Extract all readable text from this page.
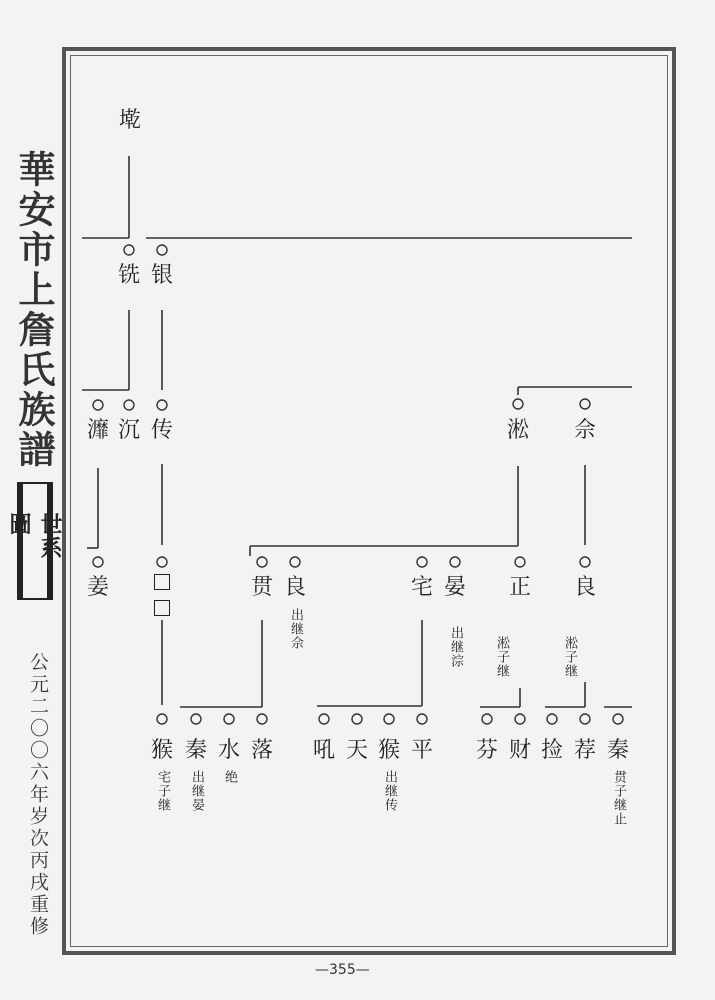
華安市上詹氏族譜
世系圖
公元二〇〇六年岁次丙戌重修
墘
铣 银
灖 沉 传	淞 佘
姜	贯 良	宅 晏 正 良
出继佘	出继淙 淞子继	淞子继
猴 秦 水 落 吼 天 猴 平 芬 财 捡 荐 秦
宅子继 出继晏 绝	出继传	贯子继止
—355—
